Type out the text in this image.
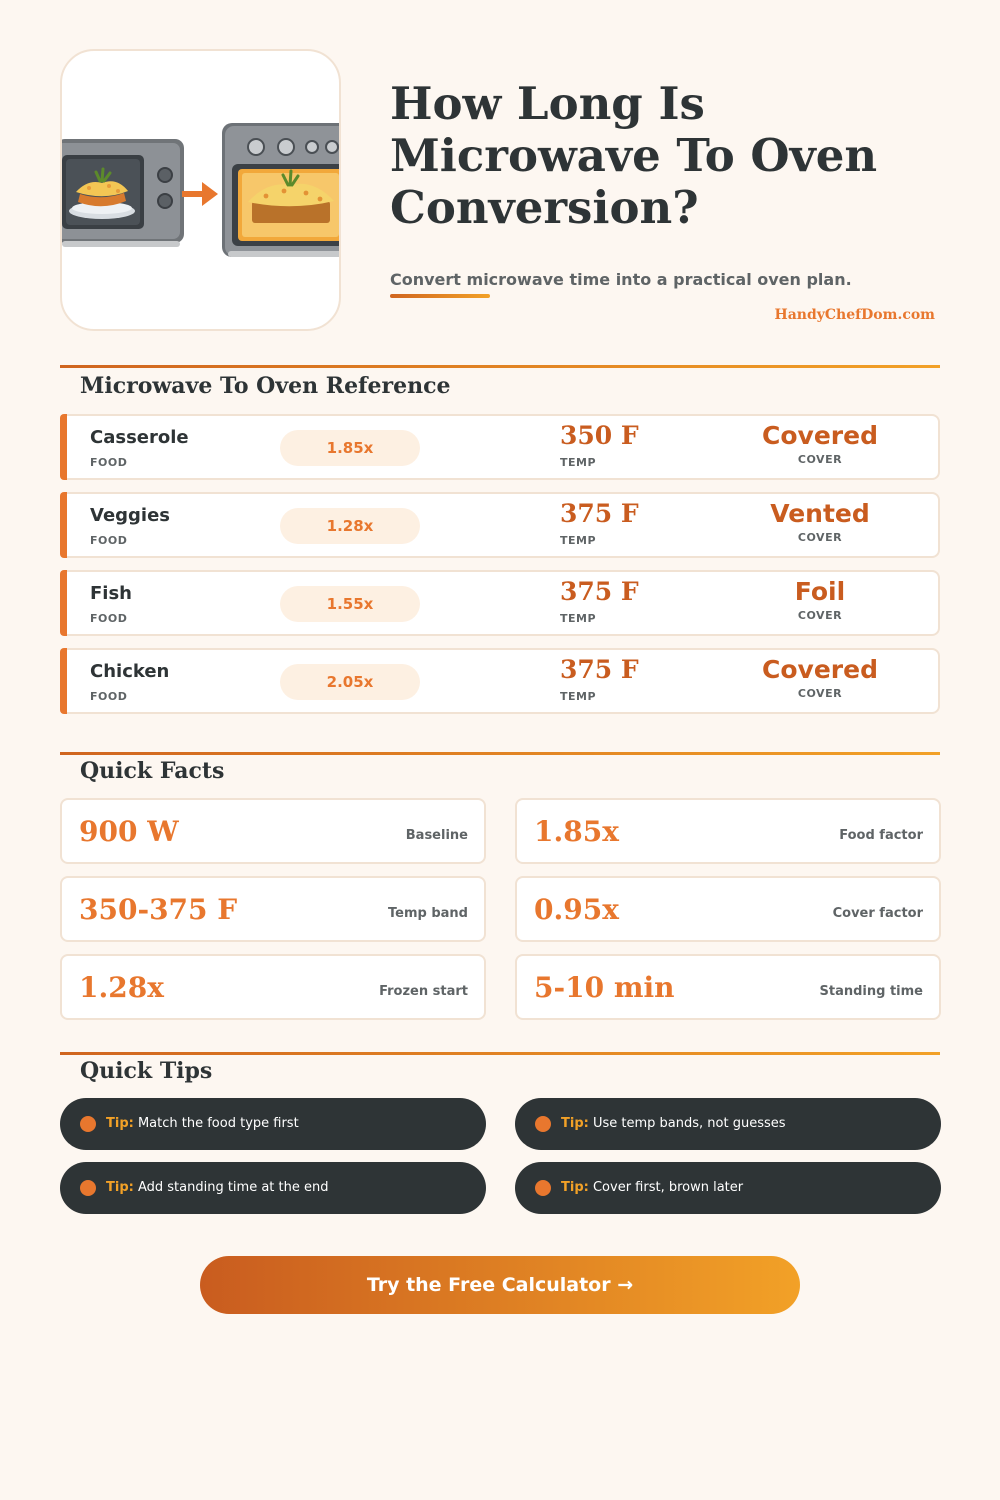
How Long Is Microwave To Oven Conversion?
Convert microwave time into a practical oven plan.
HandyChefDom.com
Microwave To Oven Reference
Casserole
FOOD
1.85x	350 F
TEMP
Covered
COVER
Veggies
FOOD
1.28x	375 F
TEMP
Vented
COVER
Fish
FOOD
1.55x	375 F
TEMP
Foil
COVER
Chicken
FOOD
2.05x	375 F
TEMP
Covered
COVER
Quick Facts
900 W	Baseline 1.85x	Food factor
350-375 F	Temp band 0.95x	Cover factor
1.28x	Frozen start 5-10 min	Standing time
Quick Tips
Tip: Match the food type first	Tip: Use temp bands, not guesses
Tip: Add standing time at the end	Tip: Cover first, brown later
Try the Free Calculator →
